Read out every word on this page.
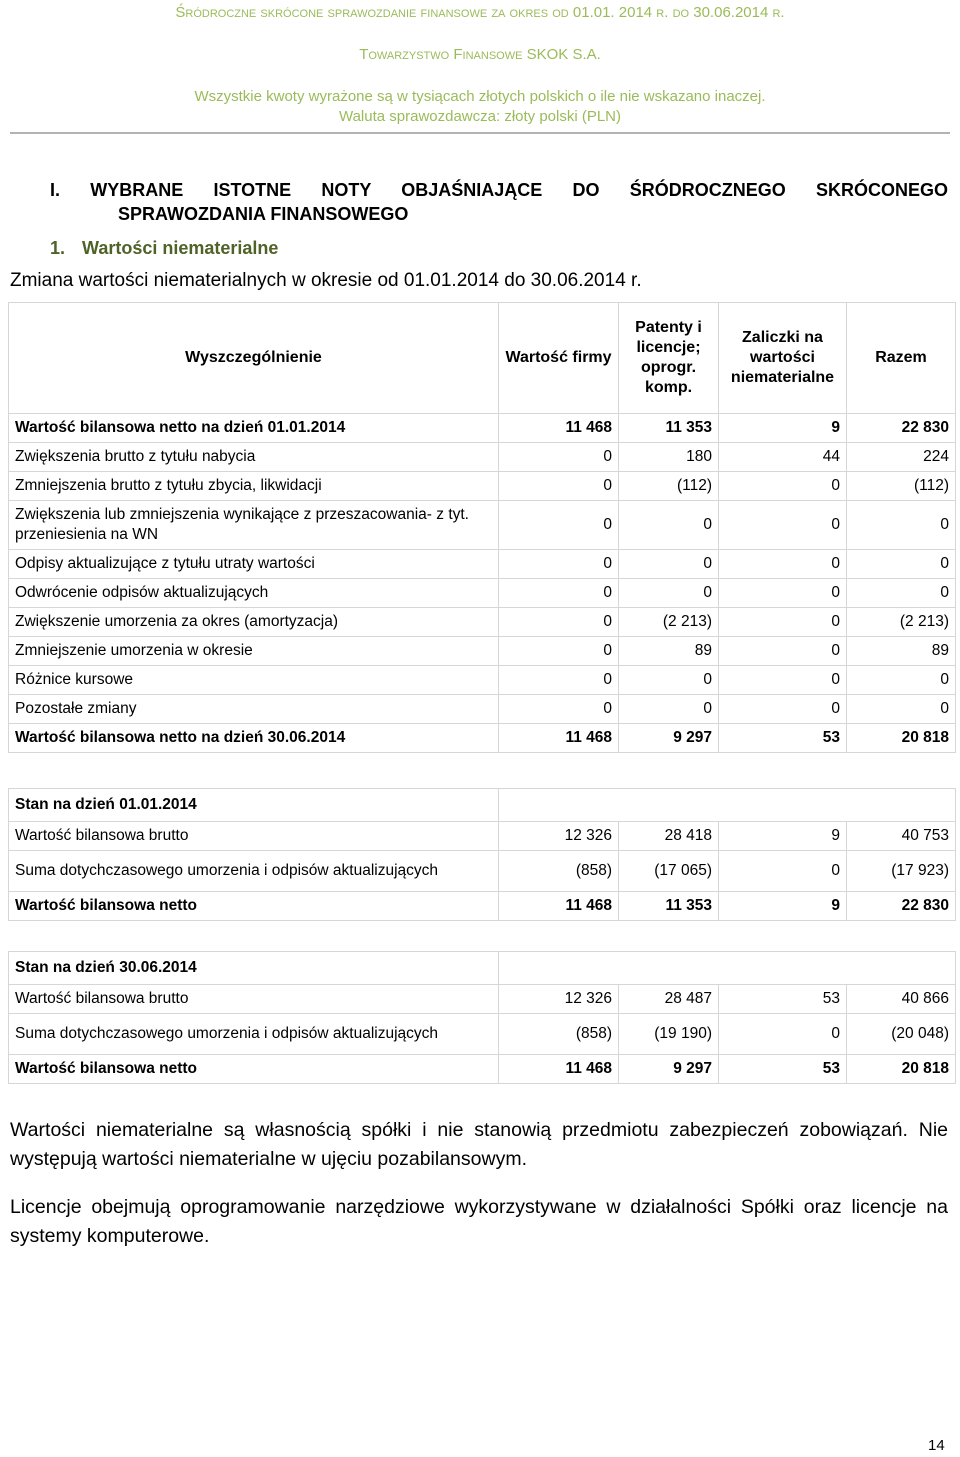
Śródroczne skrócone sprawozdanie finansowe za okres od 01.01. 2014 r. do 30.06.2014 r.
Towarzystwo Finansowe SKOK S.A.
Wszystkie kwoty wyrażone są w tysiącach złotych polskich o ile nie wskazano inaczej.
Waluta sprawozdawcza: złoty polski (PLN)
I. WYBRANE ISTOTNE NOTY OBJAŚNIAJĄCE DO ŚRÓDROCZNEGO SKRÓCONEGO
SPRAWOZDANIA FINANSOWEGO
1. Wartości niematerialne
Zmiana wartości niematerialnych w okresie od 01.01.2014 do 30.06.2014 r.
Wyszczególnienie	Wartość firmy	Patenty i licencje; oprogr. komp.	Zaliczki na wartości niematerialne	Razem
Wartość bilansowa netto na dzień 01.01.2014	11 468	11 353	9	22 830
Zwiększenia brutto z tytułu nabycia	0	180	44	224
Zmniejszenia brutto z tytułu zbycia, likwidacji	0	(112)	0	(112)
Zwiększenia lub zmniejszenia wynikające z przeszacowania- z tyt. przeniesienia na WN	0	0	0	0
Odpisy aktualizujące z tytułu utraty wartości	0	0	0	0
Odwrócenie odpisów aktualizujących	0	0	0	0
Zwiększenie umorzenia za okres (amortyzacja)	0	(2 213)	0	(2 213)
Zmniejszenie umorzenia w okresie	0	89	0	89
Różnice kursowe	0	0	0	0
Pozostałe zmiany	0	0	0	0
Wartość bilansowa netto na dzień 30.06.2014	11 468	9 297	53	20 818
Stan na dzień 01.01.2014				
Wartość bilansowa brutto	12 326	28 418	9	40 753
Suma dotychczasowego umorzenia i odpisów aktualizujących	(858)	(17 065)	0	(17 923)
Wartość bilansowa netto	11 468	11 353	9	22 830
Stan na dzień 30.06.2014				
Wartość bilansowa brutto	12 326	28 487	53	40 866
Suma dotychczasowego umorzenia i odpisów aktualizujących	(858)	(19 190)	0	(20 048)
Wartość bilansowa netto	11 468	9 297	53	20 818
Wartości niematerialne są własnością spółki i nie stanowią przedmiotu zabezpieczeń zobowiązań. Nie występują wartości niematerialne w ujęciu pozabilansowym.
Licencje obejmują oprogramowanie narzędziowe wykorzystywane w działalności Spółki oraz licencje na systemy komputerowe.
14
